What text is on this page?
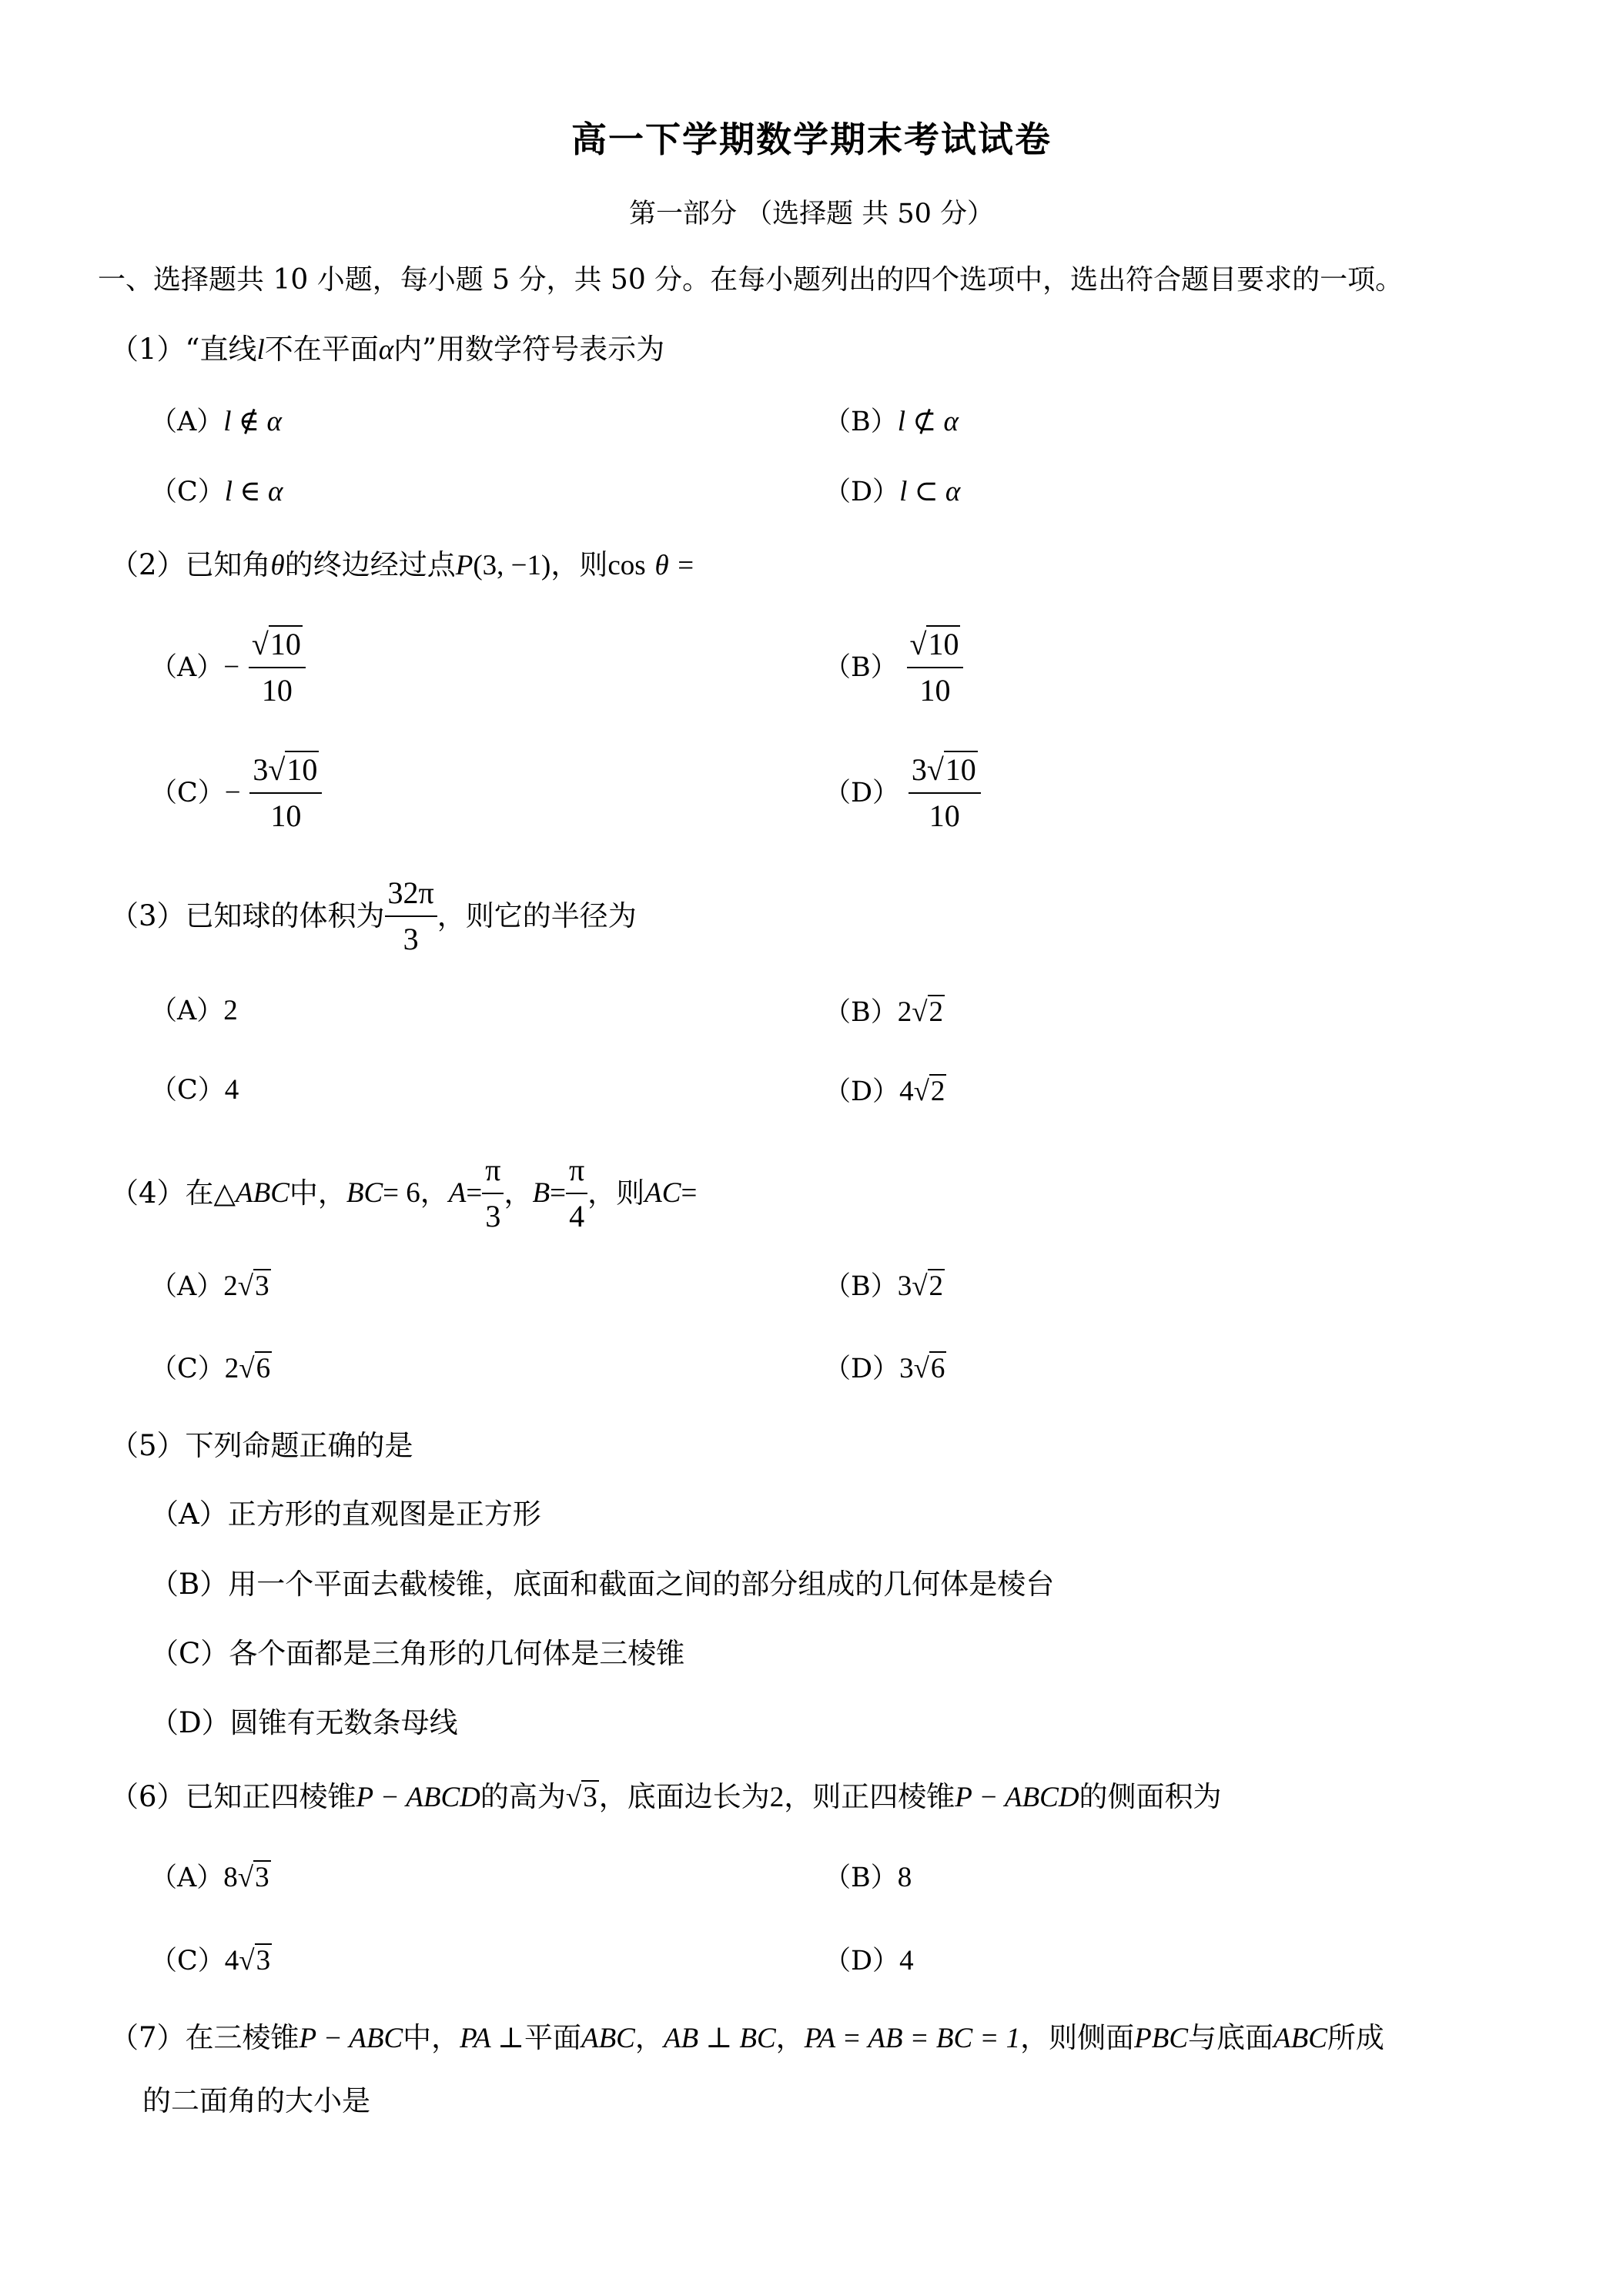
高一下学期数学期末考试试卷
第一部分 （选择题 共 50 分）
一、选择题共 10 小题，每小题 5 分，共 50 分。在每小题列出的四个选项中，选出符合题目要求的一项。
（1）“直线l不在平面α内”用数学符号表示为
（A）l ∉ α	（B）l ⊄ α
（C）l ∈ α	（D）l ⊂ α
（2）已知角θ的终边经过点P(3, −1)，则cos θ =
$(A)- \frac{√10}{10}$	$(B) \frac{√10}{10}$
$(C)- \frac{3√10}{10}$	$(D) \frac{3√10}{10}$
（3）已知球的体积为 $\frac{32\pi}{3}$ ，则它的半径为
（A）2	（B）2√2
（C）4	（D）4√2
（4）在△ABC中，BC= 6，$A= \frac{\pi}{3}$ ，$B= \frac{\pi}{4}$ ，则AC=
（A）2√3	（B）3√2
（C）2√6	（D）3√6
（5）下列命题正确的是
（A）正方形的直观图是正方形
（B）用一个平面去截棱锥，底面和截面之间的部分组成的几何体是棱台
（C）各个面都是三角形的几何体是三棱锥
（D）圆锥有无数条母线
（6）已知正四棱锥P − ABCD的高为√3，底面边长为2，则正四棱锥P − ABCD的侧面积为
（A）8√3	（B）8
（C）4√3	（D）4
（7）在三棱锥P − ABC中，PA ⊥平面ABC，AB ⊥ BC，PA = AB = BC = 1，则侧面PBC与底面ABC所成
的二面角的大小是
